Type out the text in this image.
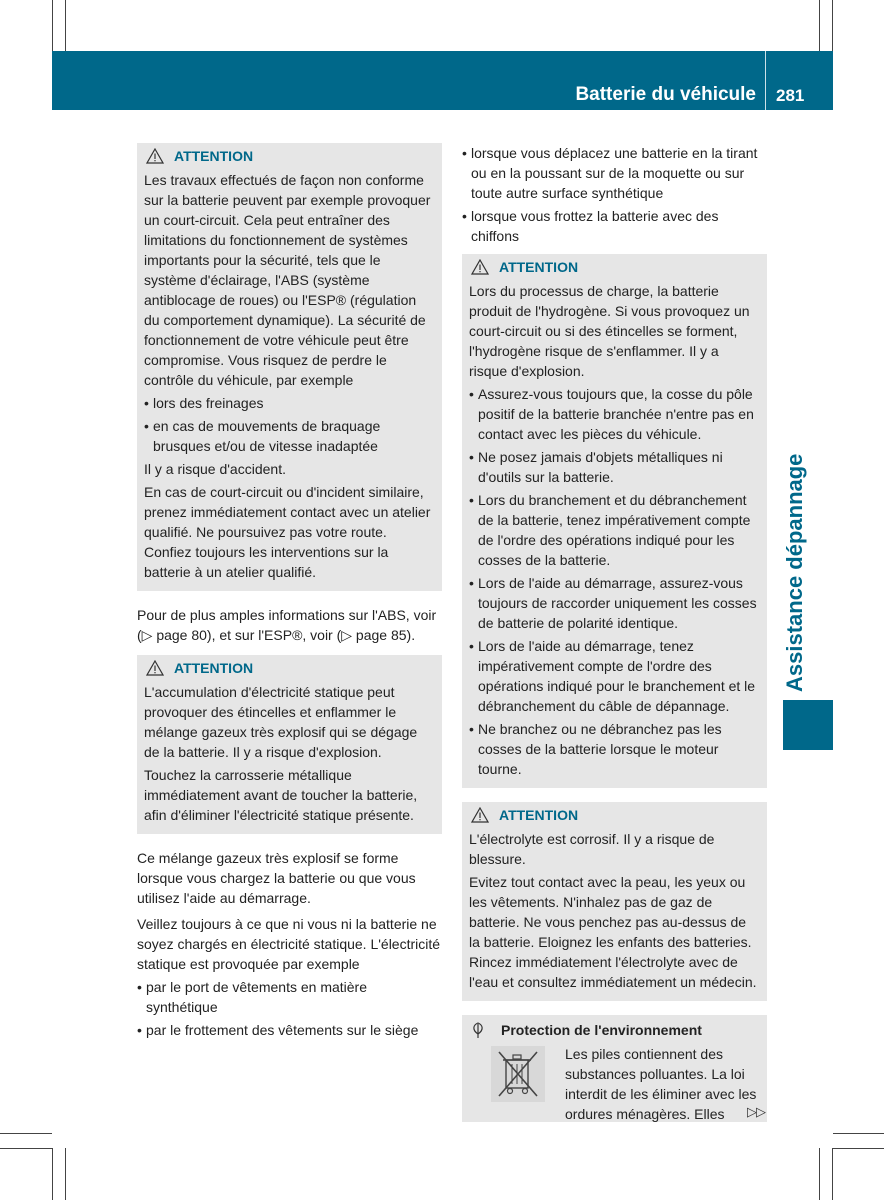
Batterie du véhicule 281
Assistance dépannage
ATTENTION
Les travaux effectués de façon non conforme sur la batterie peuvent par exemple provoquer un court-circuit. Cela peut entraîner des limitations du fonctionnement de systèmes importants pour la sécurité, tels que le système d'éclairage, l'ABS (système antiblocage de roues) ou l'ESP® (régulation du comportement dynamique). La sécurité de fonctionnement de votre véhicule peut être compromise. Vous risquez de perdre le contrôle du véhicule, par exemple
• lors des freinages
• en cas de mouvements de braquage brusques et/ou de vitesse inadaptée
Il y a risque d'accident.
En cas de court-circuit ou d'incident similaire, prenez immédiatement contact avec un atelier qualifié. Ne poursuivez pas votre route. Confiez toujours les interventions sur la batterie à un atelier qualifié.
Pour de plus amples informations sur l'ABS, voir (▷ page 80), et sur l'ESP®, voir (▷ page 85).
ATTENTION
L'accumulation d'électricité statique peut provoquer des étincelles et enflammer le mélange gazeux très explosif qui se dégage de la batterie. Il y a risque d'explosion.
Touchez la carrosserie métallique immédiatement avant de toucher la batterie, afin d'éliminer l'électricité statique présente.
Ce mélange gazeux très explosif se forme lorsque vous chargez la batterie ou que vous utilisez l'aide au démarrage.
Veillez toujours à ce que ni vous ni la batterie ne soyez chargés en électricité statique. L'électricité statique est provoquée par exemple
• par le port de vêtements en matière synthétique
• par le frottement des vêtements sur le siège
• lorsque vous déplacez une batterie en la tirant ou en la poussant sur de la moquette ou sur toute autre surface synthétique
• lorsque vous frottez la batterie avec des chiffons
ATTENTION
Lors du processus de charge, la batterie produit de l'hydrogène. Si vous provoquez un court-circuit ou si des étincelles se forment, l'hydrogène risque de s'enflammer. Il y a risque d'explosion.
• Assurez-vous toujours que, la cosse du pôle positif de la batterie branchée n'entre pas en contact avec les pièces du véhicule.
• Ne posez jamais d'objets métalliques ni d'outils sur la batterie.
• Lors du branchement et du débranchement de la batterie, tenez impérativement compte de l'ordre des opérations indiqué pour les cosses de la batterie.
• Lors de l'aide au démarrage, assurez-vous toujours de raccorder uniquement les cosses de batterie de polarité identique.
• Lors de l'aide au démarrage, tenez impérativement compte de l'ordre des opérations indiqué pour le branchement et le débranchement du câble de dépannage.
• Ne branchez ou ne débranchez pas les cosses de la batterie lorsque le moteur tourne.
ATTENTION
L'électrolyte est corrosif. Il y a risque de blessure.
Evitez tout contact avec la peau, les yeux ou les vêtements. N'inhalez pas de gaz de batterie. Ne vous penchez pas au-dessus de la batterie. Eloignez les enfants des batteries. Rincez immédiatement l'électrolyte avec de l'eau et consultez immédiatement un médecin.
Protection de l'environnement
Les piles contiennent des substances polluantes. La loi interdit de les éliminer avec les ordures ménagères. Elles	▷▷
